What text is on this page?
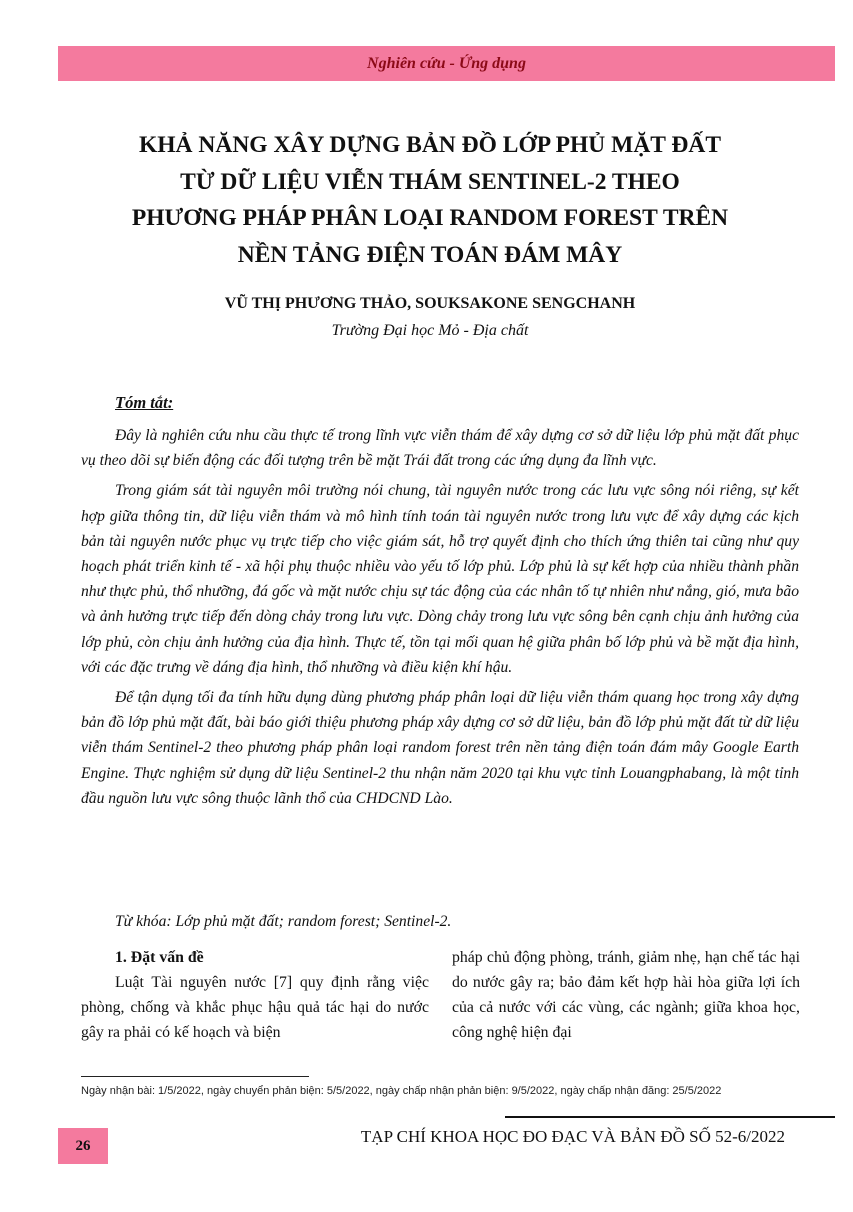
Nghiên cứu - Ứng dụng
KHẢ NĂNG XÂY DỰNG BẢN ĐỒ LỚP PHỦ MẶT ĐẤT
TỪ DỮ LIỆU VIỄN THÁM SENTINEL-2 THEO
PHƯƠNG PHÁP PHÂN LOẠI RANDOM FOREST TRÊN
NỀN TẢNG ĐIỆN TOÁN ĐÁM MÂY
VŨ THỊ PHƯƠNG THẢO, SOUKSAKONE SENGCHANH
Trường Đại học Mỏ - Địa chất
Tóm tắt:

Đây là nghiên cứu nhu cầu thực tế trong lĩnh vực viễn thám để xây dựng cơ sở dữ liệu lớp phủ mặt đất phục vụ theo dõi sự biến động các đối tượng trên bề mặt Trái đất trong các ứng dụng đa lĩnh vực.

Trong giám sát tài nguyên môi trường nói chung, tài nguyên nước trong các lưu vực sông nói riêng, sự kết hợp giữa thông tin, dữ liệu viễn thám và mô hình tính toán tài nguyên nước trong lưu vực để xây dựng các kịch bản tài nguyên nước phục vụ trực tiếp cho việc giám sát, hỗ trợ quyết định cho thích ứng thiên tai cũng như quy hoạch phát triển kinh tế - xã hội phụ thuộc nhiều vào yếu tố lớp phủ. Lớp phủ là sự kết hợp của nhiều thành phần như thực phủ, thổ nhưỡng, đá gốc và mặt nước chịu sự tác động của các nhân tố tự nhiên như nắng, gió, mưa bão và ảnh hưởng trực tiếp đến dòng chảy trong lưu vực. Dòng chảy trong lưu vực sông bên cạnh chịu ảnh hưởng của lớp phủ, còn chịu ảnh hưởng của địa hình. Thực tế, tồn tại mối quan hệ giữa phân bố lớp phủ và bề mặt địa hình, với các đặc trưng về dáng địa hình, thổ nhưỡng và điều kiện khí hậu.

Để tận dụng tối đa tính hữu dụng dùng phương pháp phân loại dữ liệu viễn thám quang học trong xây dựng bản đồ lớp phủ mặt đất, bài báo giới thiệu phương pháp xây dựng cơ sở dữ liệu, bản đồ lớp phủ mặt đất từ dữ liệu viễn thám Sentinel-2 theo phương pháp phân loại random forest trên nền tảng điện toán đám mây Google Earth Engine. Thực nghiệm sử dụng dữ liệu Sentinel-2 thu nhận năm 2020 tại khu vực tỉnh Louangphabang, là một tỉnh đầu nguồn lưu vực sông thuộc lãnh thổ của CHDCND Lào.

Từ khóa: Lớp phủ mặt đất; random forest; Sentinel-2.
1. Đặt vấn đề

Luật Tài nguyên nước [7] quy định rằng việc phòng, chống và khắc phục hậu quả tác hại do nước gây ra phải có kế hoạch và biện

pháp chủ động phòng, tránh, giảm nhẹ, hạn chế tác hại do nước gây ra; bảo đảm kết hợp hài hòa giữa lợi ích của cả nước với các vùng, các ngành; giữa khoa học, công nghệ hiện đại

Ngày nhận bài: 1/5/2022, ngày chuyển phản biện: 5/5/2022, ngày chấp nhận phản biện: 9/5/2022, ngày chấp nhận đăng: 25/5/2022
26	TẠP CHÍ KHOA HỌC ĐO ĐẠC VÀ BẢN ĐỒ SỐ 52-6/2022
